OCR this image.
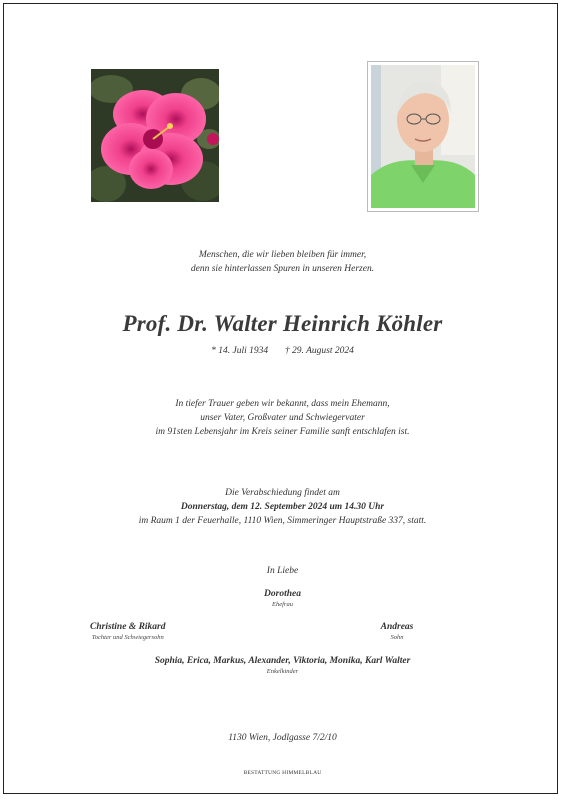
Menschen, die wir lieben bleiben für immer,
denn sie hinterlassen Spuren in unseren Herzen.
Prof. Dr. Walter Heinrich Köhler
* 14. Juli 1934 † 29. August 2024
In tiefer Trauer geben wir bekannt, dass mein Ehemann,
unser Vater, Großvater und Schwiegervater
im 91sten Lebensjahr im Kreis seiner Familie sanft entschlafen ist.
Die Verabschiedung findet am
Donnerstag, dem 12. September 2024 um 14.30 Uhr
im Raum 1 der Feuerhalle, 1110 Wien, Simmeringer Hauptstraße 337, statt.
In Liebe
Dorothea
Ehefrau
Christine & Rikard
Tochter und Schwiegersohn
Andreas
Sohn
Sophia, Erica, Markus, Alexander, Viktoria, Monika, Karl Walter
Enkelkinder
1130 Wien, Jodlgasse 7/2/10
BESTATTUNG HIMMELBLAU
